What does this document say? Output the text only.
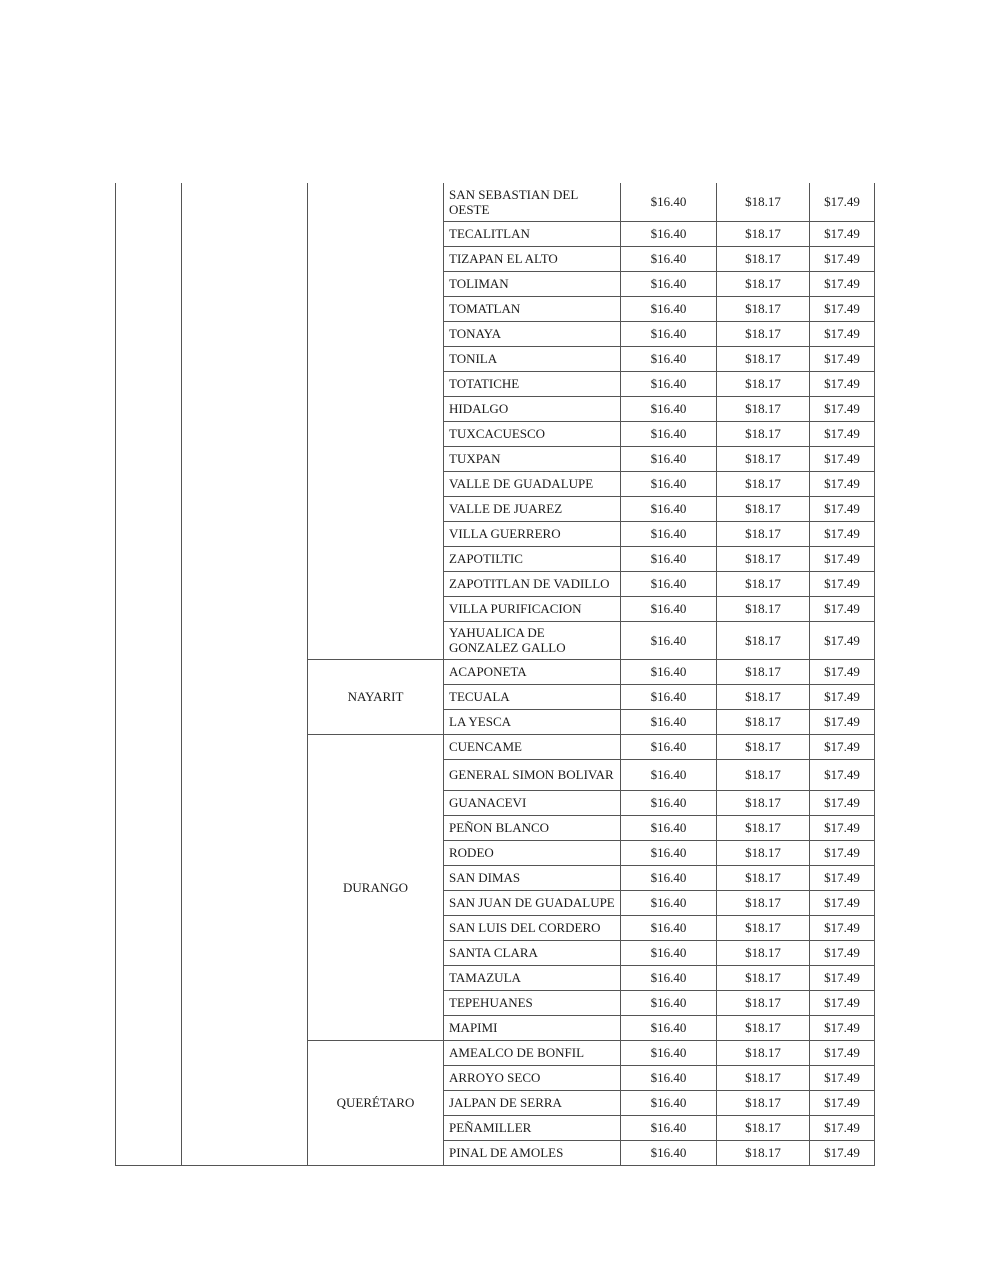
			SAN SEBASTIAN DEL OESTE	$16.40	$18.17	$17.49
			TECALITLAN	$16.40	$18.17	$17.49
			TIZAPAN EL ALTO	$16.40	$18.17	$17.49
			TOLIMAN	$16.40	$18.17	$17.49
			TOMATLAN	$16.40	$18.17	$17.49
			TONAYA	$16.40	$18.17	$17.49
			TONILA	$16.40	$18.17	$17.49
			TOTATICHE	$16.40	$18.17	$17.49
			HIDALGO	$16.40	$18.17	$17.49
			TUXCACUESCO	$16.40	$18.17	$17.49
			TUXPAN	$16.40	$18.17	$17.49
			VALLE DE GUADALUPE	$16.40	$18.17	$17.49
			VALLE DE JUAREZ	$16.40	$18.17	$17.49
			VILLA GUERRERO	$16.40	$18.17	$17.49
			ZAPOTILTIC	$16.40	$18.17	$17.49
			ZAPOTITLAN DE VADILLO	$16.40	$18.17	$17.49
			VILLA PURIFICACION	$16.40	$18.17	$17.49
			YAHUALICA DE GONZALEZ GALLO	$16.40	$18.17	$17.49
		NAYARIT	ACAPONETA	$16.40	$18.17	$17.49
			TECUALA	$16.40	$18.17	$17.49
			LA YESCA	$16.40	$18.17	$17.49
		DURANGO	CUENCAME	$16.40	$18.17	$17.49
			GENERAL SIMON BOLIVAR	$16.40	$18.17	$17.49
			GUANACEVI	$16.40	$18.17	$17.49
			PEÑON BLANCO	$16.40	$18.17	$17.49
			RODEO	$16.40	$18.17	$17.49
			SAN DIMAS	$16.40	$18.17	$17.49
			SAN JUAN DE GUADALUPE	$16.40	$18.17	$17.49
			SAN LUIS DEL CORDERO	$16.40	$18.17	$17.49
			SANTA CLARA	$16.40	$18.17	$17.49
			TAMAZULA	$16.40	$18.17	$17.49
			TEPEHUANES	$16.40	$18.17	$17.49
			MAPIMI	$16.40	$18.17	$17.49
		QUERÉTARO	AMEALCO DE BONFIL	$16.40	$18.17	$17.49
			ARROYO SECO	$16.40	$18.17	$17.49
			JALPAN DE SERRA	$16.40	$18.17	$17.49
			PEÑAMILLER	$16.40	$18.17	$17.49
			PINAL DE AMOLES	$16.40	$18.17	$17.49
